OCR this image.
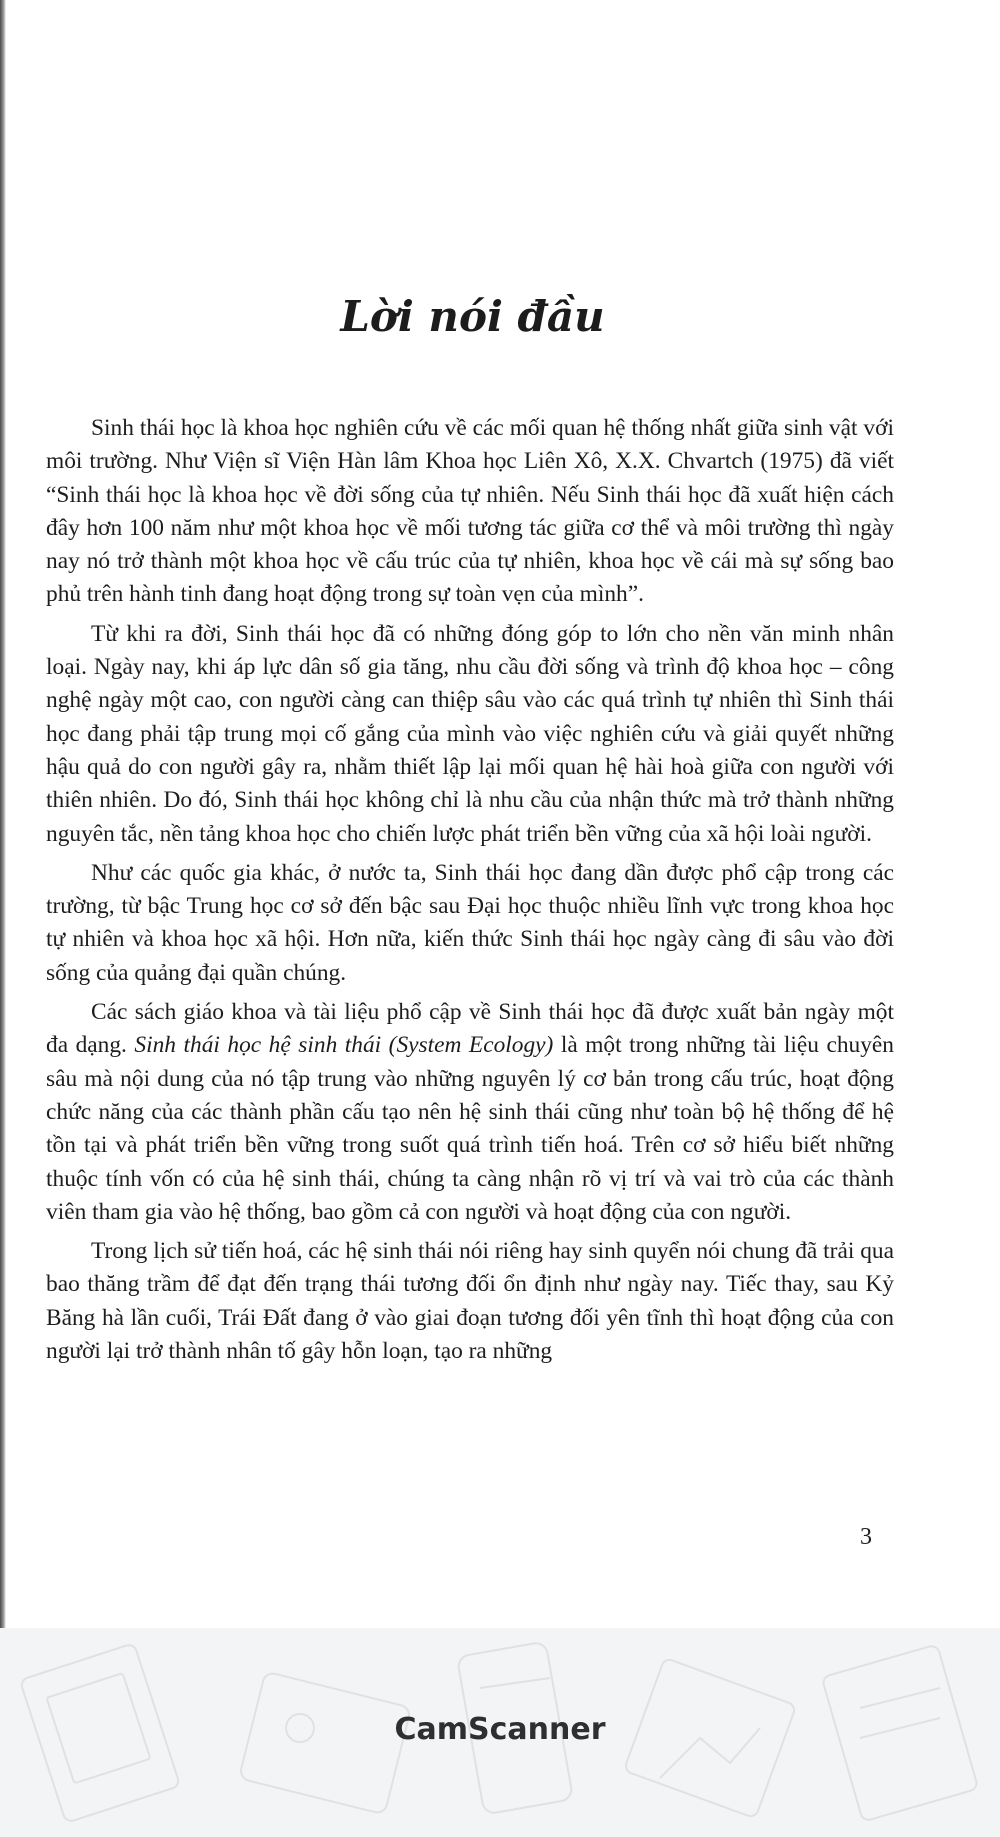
Lời nói đầu

Sinh thái học là khoa học nghiên cứu về các mối quan hệ thống nhất giữa sinh vật với môi trường. Như Viện sĩ Viện Hàn lâm Khoa học Liên Xô, X.X. Chvartch (1975) đã viết “Sinh thái học là khoa học về đời sống của tự nhiên. Nếu Sinh thái học đã xuất hiện cách đây hơn 100 năm như một khoa học về mối tương tác giữa cơ thể và môi trường thì ngày nay nó trở thành một khoa học về cấu trúc của tự nhiên, khoa học về cái mà sự sống bao phủ trên hành tinh đang hoạt động trong sự toàn vẹn của mình”.

Từ khi ra đời, Sinh thái học đã có những đóng góp to lớn cho nền văn minh nhân loại. Ngày nay, khi áp lực dân số gia tăng, nhu cầu đời sống và trình độ khoa học – công nghệ ngày một cao, con người càng can thiệp sâu vào các quá trình tự nhiên thì Sinh thái học đang phải tập trung mọi cố gắng của mình vào việc nghiên cứu và giải quyết những hậu quả do con người gây ra, nhằm thiết lập lại mối quan hệ hài hoà giữa con người với thiên nhiên. Do đó, Sinh thái học không chỉ là nhu cầu của nhận thức mà trở thành những nguyên tắc, nền tảng khoa học cho chiến lược phát triển bền vững của xã hội loài người.

Như các quốc gia khác, ở nước ta, Sinh thái học đang dần được phổ cập trong các trường, từ bậc Trung học cơ sở đến bậc sau Đại học thuộc nhiều lĩnh vực trong khoa học tự nhiên và khoa học xã hội. Hơn nữa, kiến thức Sinh thái học ngày càng đi sâu vào đời sống của quảng đại quần chúng.

Các sách giáo khoa và tài liệu phổ cập về Sinh thái học đã được xuất bản ngày một đa dạng. Sinh thái học hệ sinh thái (System Ecology) là một trong những tài liệu chuyên sâu mà nội dung của nó tập trung vào những nguyên lý cơ bản trong cấu trúc, hoạt động chức năng của các thành phần cấu tạo nên hệ sinh thái cũng như toàn bộ hệ thống để hệ tồn tại và phát triển bền vững trong suốt quá trình tiến hoá. Trên cơ sở hiểu biết những thuộc tính vốn có của hệ sinh thái, chúng ta càng nhận rõ vị trí và vai trò của các thành viên tham gia vào hệ thống, bao gồm cả con người và hoạt động của con người.

Trong lịch sử tiến hoá, các hệ sinh thái nói riêng hay sinh quyển nói chung đã trải qua bao thăng trầm để đạt đến trạng thái tương đối ổn định như ngày nay. Tiếc thay, sau Kỷ Băng hà lần cuối, Trái Đất đang ở vào giai đoạn tương đối yên tĩnh thì hoạt động của con người lại trở thành nhân tố gây hỗn loạn, tạo ra những

3
CamScanner
